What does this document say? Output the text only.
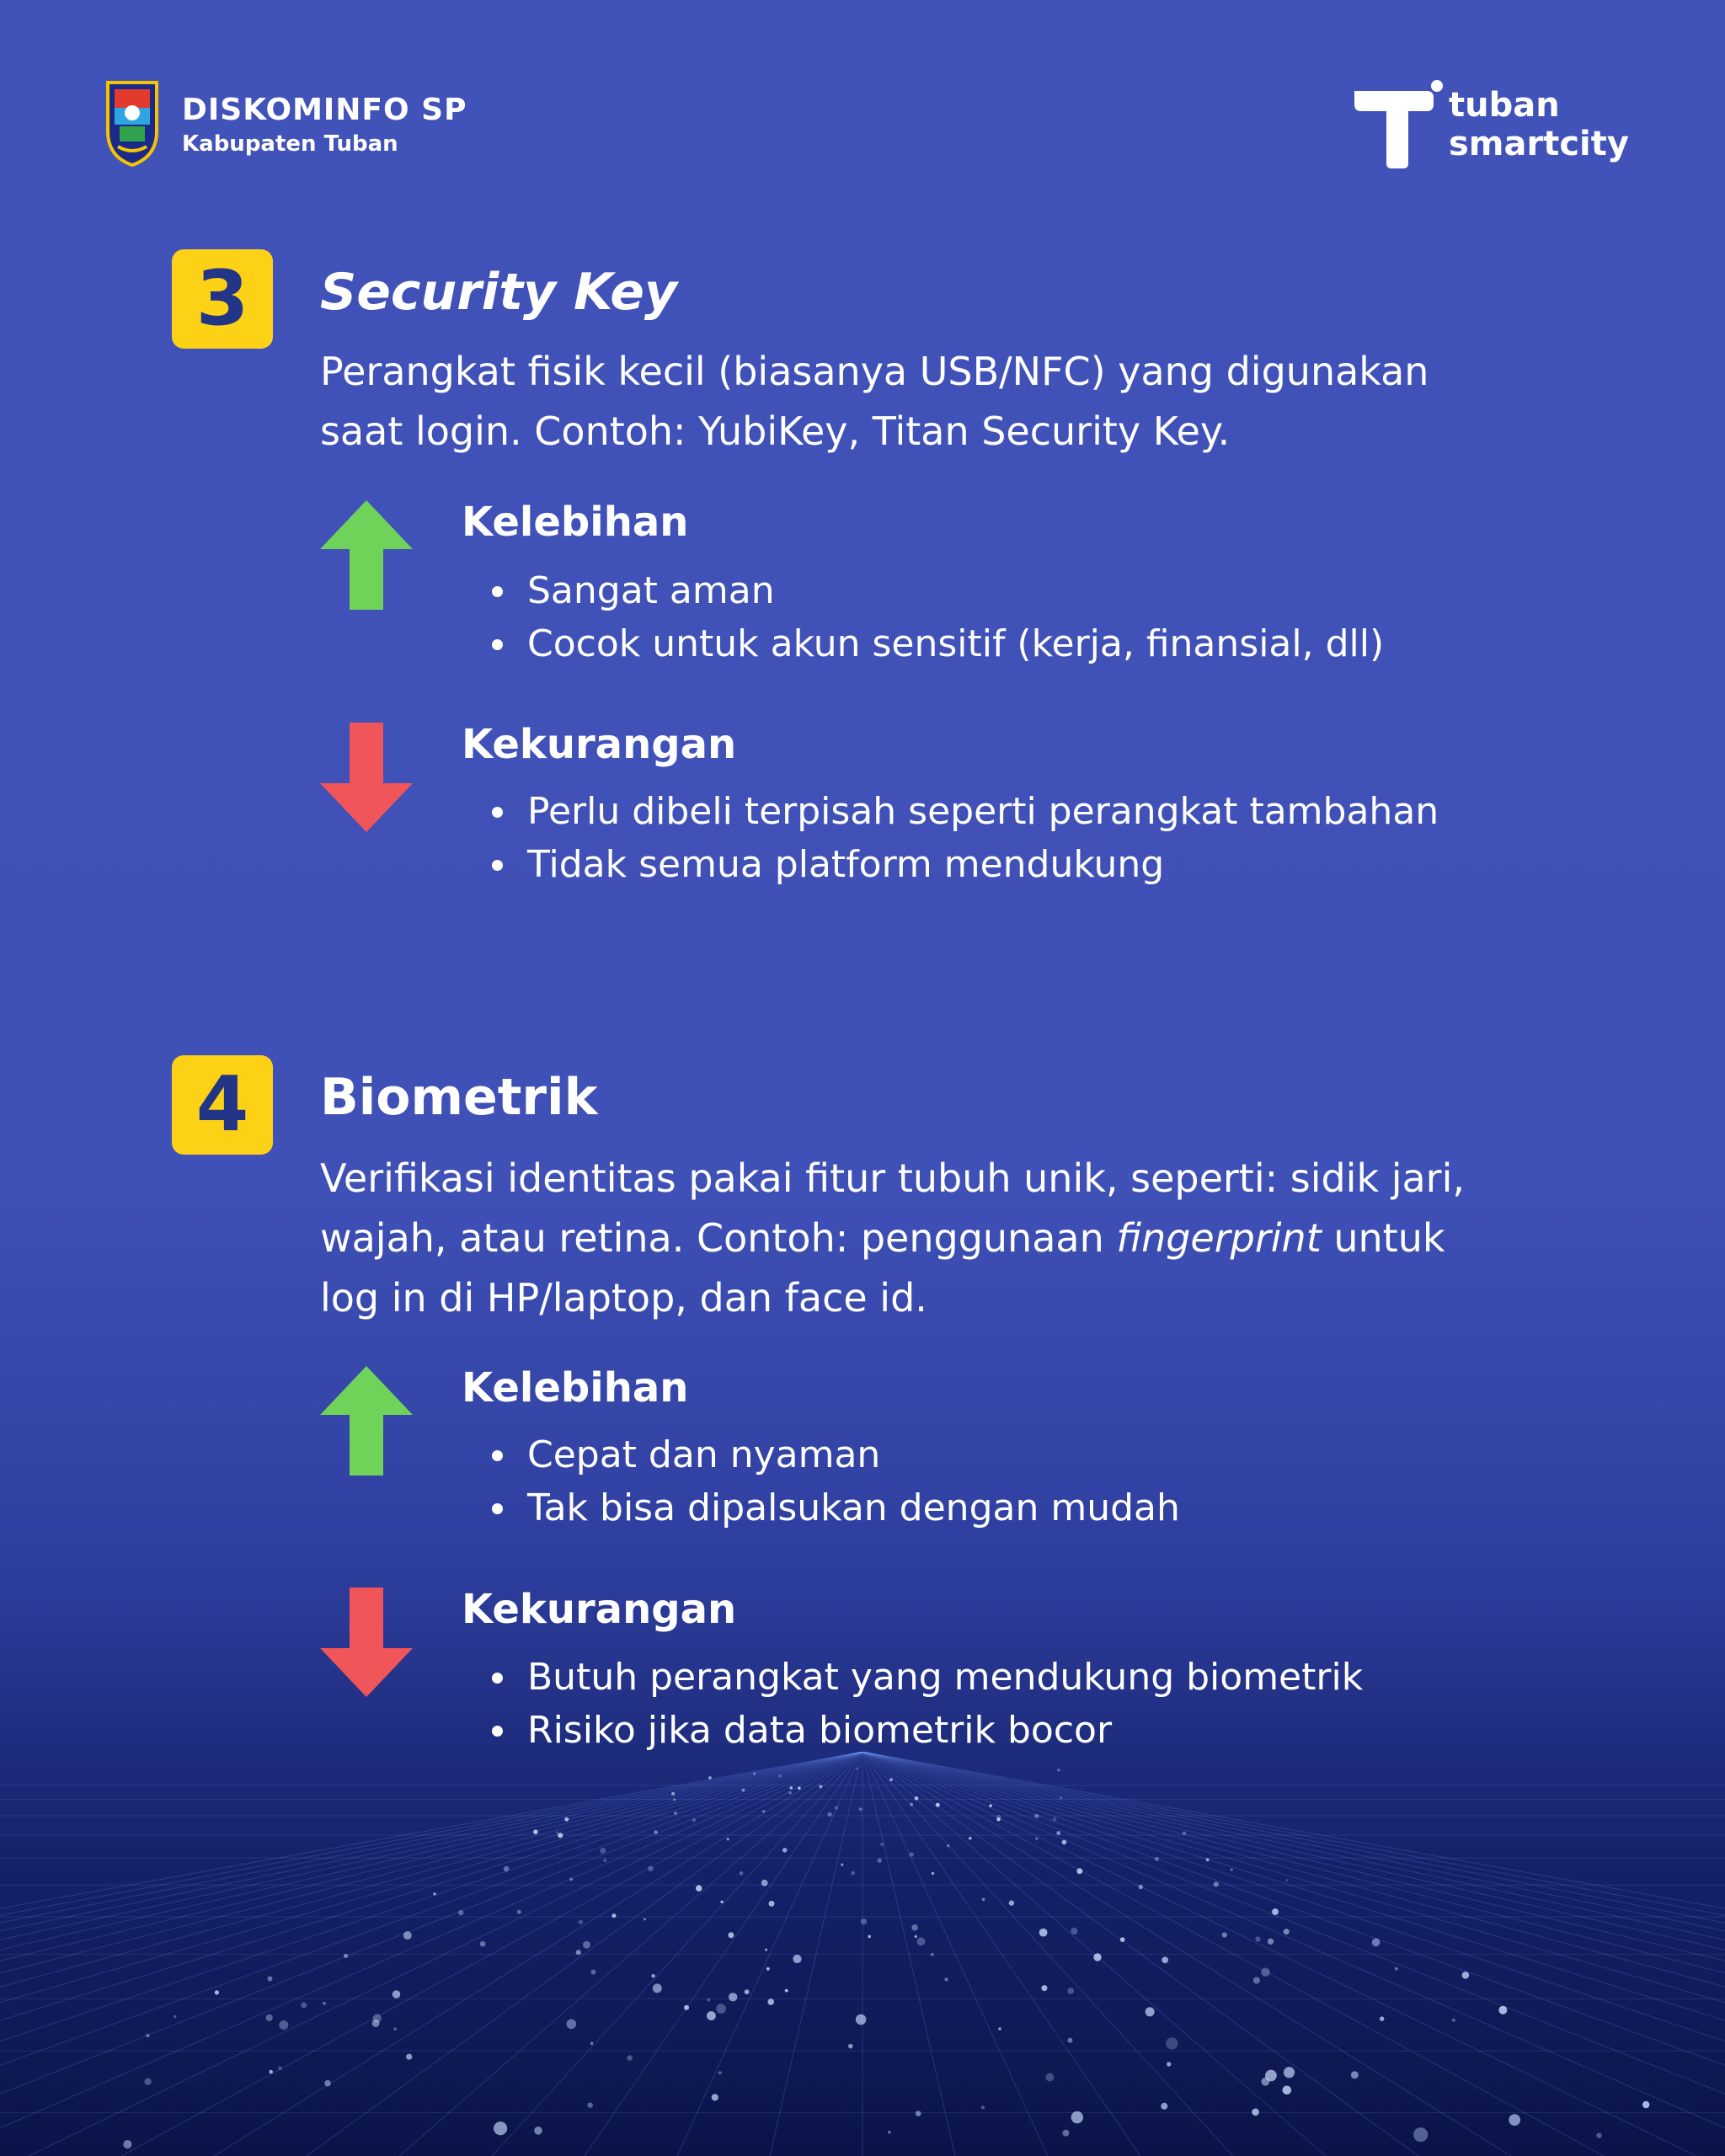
DISKOMINFO SP
Kabupaten Tuban
tuban
smartcity
3	Security Key

Perangkat fisik kecil (biasanya USB/NFC) yang digunakan

saat login. Contoh: YubiKey, Titan Security Key.

Kelebihan
Sangat aman
Cocok untuk akun sensitif (kerja, finansial, dll)
Kekurangan
Perlu dibeli terpisah seperti perangkat tambahan
Tidak semua platform mendukung
4	Biometrik

Verifikasi identitas pakai fitur tubuh unik, seperti: sidik jari,

wajah, atau retina. Contoh: penggunaan fingerprint untuk

log in di HP/laptop, dan face id.

Kelebihan
Cepat dan nyaman
Tak bisa dipalsukan dengan mudah
Kekurangan
Butuh perangkat yang mendukung biometrik
Risiko jika data biometrik bocor
